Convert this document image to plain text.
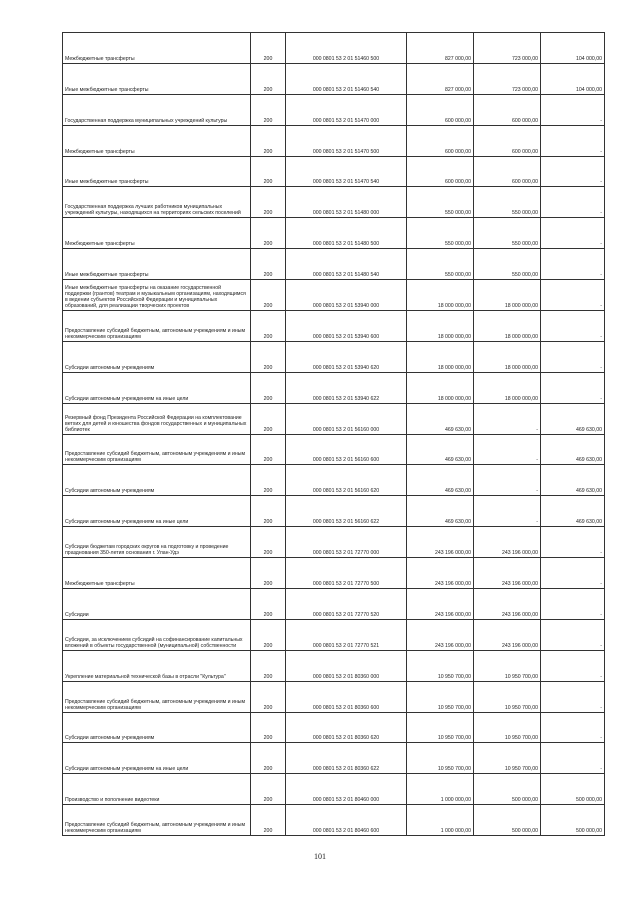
Межбюджетные трансферты	200	000 0801 53 2 01 51460 500	827 000,00	723 000,00	104 000,00
Иные межбюджетные трансферты	200	000 0801 53 2 01 51460 540	827 000,00	723 000,00	104 000,00
Государственная поддержка муниципальных учреждений культуры	200	000 0801 53 2 01 51470 000	600 000,00	600 000,00	-
Межбюджетные трансферты	200	000 0801 53 2 01 51470 500	600 000,00	600 000,00	-
Иные межбюджетные трансферты	200	000 0801 53 2 01 51470 540	600 000,00	600 000,00	-
Государственная поддержка лучших работников муниципальных учреждений культуры, находящихся на территориях сельских поселений	200	000 0801 53 2 01 51480 000	550 000,00	550 000,00	-
Межбюджетные трансферты	200	000 0801 53 2 01 51480 500	550 000,00	550 000,00	-
Иные межбюджетные трансферты	200	000 0801 53 2 01 51480 540	550 000,00	550 000,00	-
Иные межбюджетные трансферты на оказание государственной поддержки (грантов) театрам и музыкальным организациям, находящимся в ведении субъектов Российской Федерации и муниципальных образований, для реализации творческих проектов	200	000 0801 53 2 01 53940 000	18 000 000,00	18 000 000,00	-
Предоставление субсидий бюджетным, автономным учреждениям и иным некоммерческим организациям	200	000 0801 53 2 01 53940 600	18 000 000,00	18 000 000,00	-
Субсидии автономным учреждениям	200	000 0801 53 2 01 53940 620	18 000 000,00	18 000 000,00	-
Субсидии автономным учреждениям на иные цели	200	000 0801 53 2 01 53940 622	18 000 000,00	18 000 000,00	-
Резервный фонд Президента Российской Федерации на комплектование ветхих для детей и юношества фондов государственных и муниципальных библиотек	200	000 0801 53 2 01 56160 000	469 630,00	-	469 630,00
Предоставление субсидий бюджетным, автономным учреждениям и иным некоммерческим организациям	200	000 0801 53 2 01 56160 600	469 630,00	-	469 630,00
Субсидии автономным учреждениям	200	000 0801 53 2 01 56160 620	469 630,00	-	469 630,00
Субсидии автономным учреждениям на иные цели	200	000 0801 53 2 01 56160 622	469 630,00	-	469 630,00
Субсидии бюджетам городских округов на подготовку и проведение празднования 350-летия основания г. Улан-Удэ	200	000 0801 53 2 01 72770 000	243 196 000,00	243 196 000,00	-
Межбюджетные трансферты	200	000 0801 53 2 01 72770 500	243 196 000,00	243 196 000,00	-
Субсидии	200	000 0801 53 2 01 72770 520	243 196 000,00	243 196 000,00	-
Субсидии, за исключением субсидий на софинансирование капитальных вложений в объекты государственной (муниципальной) собственности	200	000 0801 53 2 01 72770 521	243 196 000,00	243 196 000,00	-
Укрепление материальной технической базы в отрасли "Культура"	200	000 0801 53 2 01 80360 000	10 950 700,00	10 950 700,00	-
Предоставление субсидий бюджетным, автономным учреждениям и иным некоммерческим организациям	200	000 0801 53 2 01 80360 600	10 950 700,00	10 950 700,00	-
Субсидии автономным учреждениям	200	000 0801 53 2 01 80360 620	10 950 700,00	10 950 700,00	-
Субсидии автономным учреждениям на иные цели	200	000 0801 53 2 01 80360 622	10 950 700,00	10 950 700,00	-
Производство и пополнение видеотеки	200	000 0801 53 2 01 80460 000	1 000 000,00	500 000,00	500 000,00
Предоставление субсидий бюджетным, автономным учреждениям и иным некоммерческим организациям	200	000 0801 53 2 01 80460 600	1 000 000,00	500 000,00	500 000,00
101
